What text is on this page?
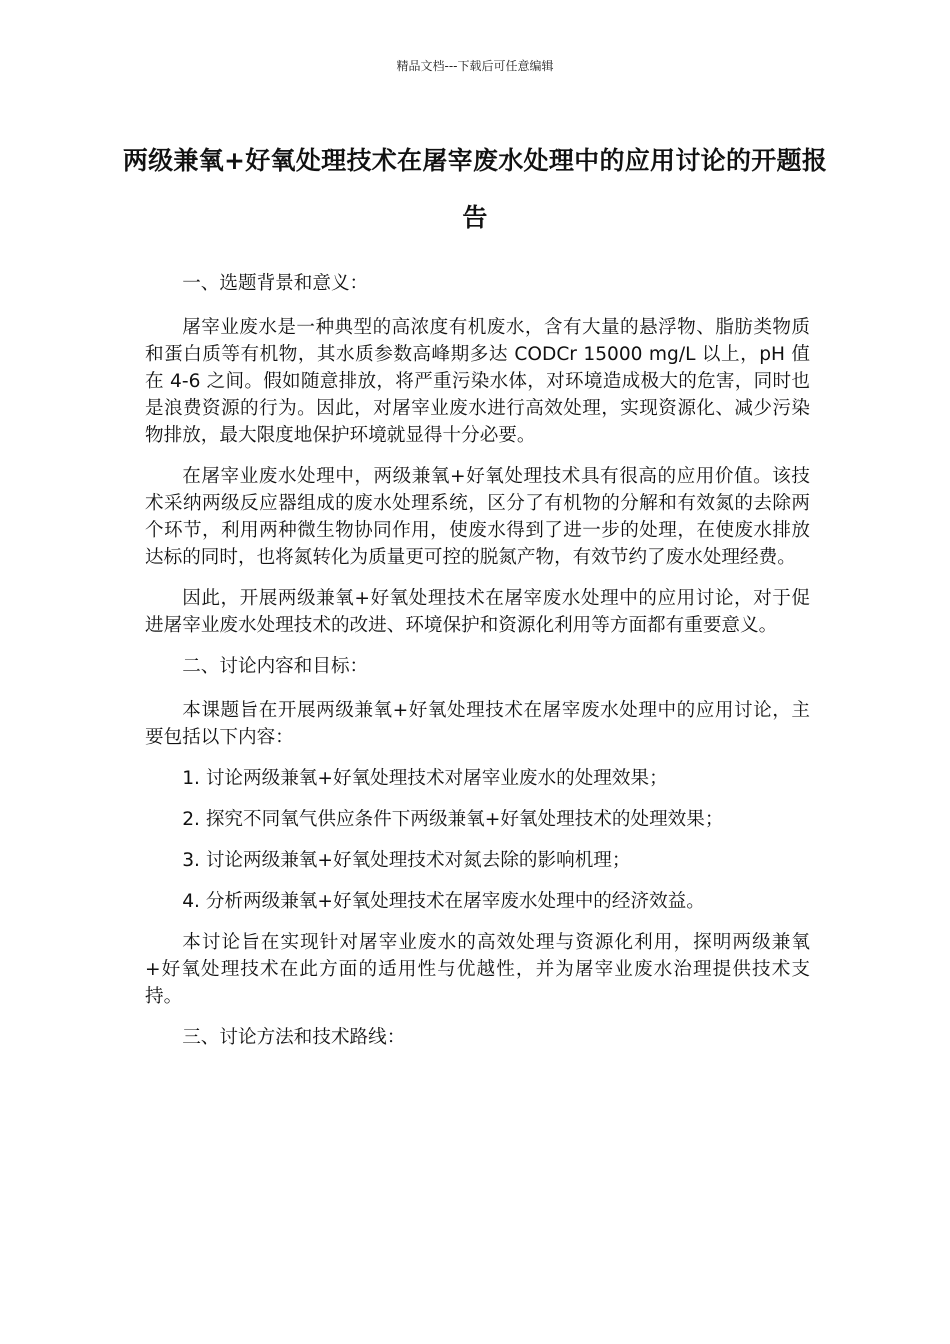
精品文档---下载后可任意编辑
两级兼氧+好氧处理技术在屠宰废水处理中的应用讨论的开题报告

一、选题背景和意义：

屠宰业废水是一种典型的高浓度有机废水，含有大量的悬浮物、脂肪类物质和蛋白质等有机物，其水质参数高峰期多达 CODCr 15000 mg/L 以上，pH 值在 4-6 之间。假如随意排放，将严重污染水体，对环境造成极大的危害，同时也是浪费资源的行为。因此，对屠宰业废水进行高效处理，实现资源化、减少污染物排放，最大限度地保护环境就显得十分必要。

在屠宰业废水处理中，两级兼氧+好氧处理技术具有很高的应用价值。该技术采纳两级反应器组成的废水处理系统，区分了有机物的分解和有效氮的去除两个环节，利用两种微生物协同作用，使废水得到了进一步的处理，在使废水排放达标的同时，也将氮转化为质量更可控的脱氮产物，有效节约了废水处理经费。

因此，开展两级兼氧+好氧处理技术在屠宰废水处理中的应用讨论，对于促进屠宰业废水处理技术的改进、环境保护和资源化利用等方面都有重要意义。

二、讨论内容和目标：

本课题旨在开展两级兼氧+好氧处理技术在屠宰废水处理中的应用讨论，主要包括以下内容：

1. 讨论两级兼氧+好氧处理技术对屠宰业废水的处理效果；

2. 探究不同氧气供应条件下两级兼氧+好氧处理技术的处理效果；

3. 讨论两级兼氧+好氧处理技术对氮去除的影响机理；

4. 分析两级兼氧+好氧处理技术在屠宰废水处理中的经济效益。

本讨论旨在实现针对屠宰业废水的高效处理与资源化利用，探明两级兼氧+好氧处理技术在此方面的适用性与优越性，并为屠宰业废水治理提供技术支持。

三、讨论方法和技术路线：
